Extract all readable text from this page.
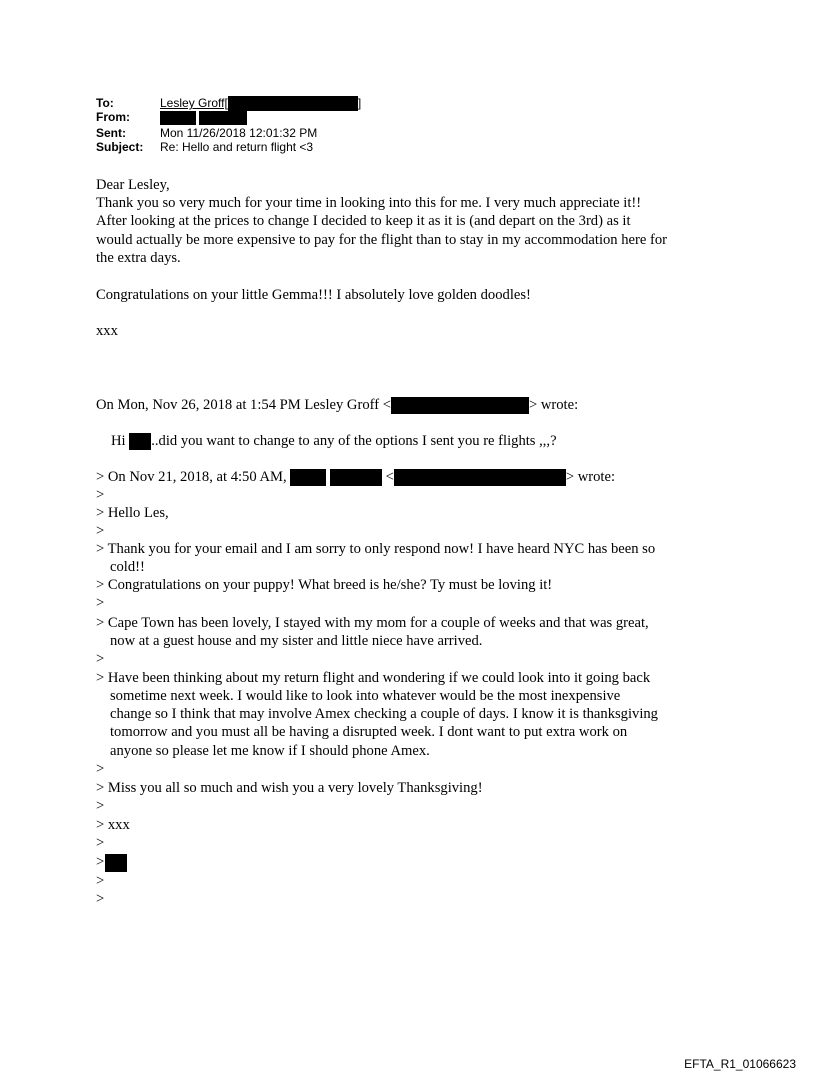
To:	Lesley Groff[	]
From:

Sent:	Mon 11/26/2018 12:01:32 PM
Subject: Re: Hello and return flight <3
Dear Lesley,
Thank you so very much for your time in looking into this for me. I very much appreciate it!!
After looking at the prices to change I decided to keep it as it is (and depart on the 3rd) as it
would actually be more expensive to pay for the flight than to stay in my accommodation here for
the extra days.
Congratulations on your little Gemma!!! I absolutely love golden doodles!
xxx
On Mon, Nov 26, 2018 at 1:54 PM Lesley Groff <	> wrote:
Hi ..did you want to change to any of the options I sent you re flights ,,,?
> On Nov 21, 2018, at 4:50 AM,	<	> wrote:
>
> Hello Les,
>
> Thank you for your email and I am sorry to only respond now! I have heard NYC has been so
cold!!
> Congratulations on your puppy! What breed is he/she? Ty must be loving it!
>
> Cape Town has been lovely, I stayed with my mom for a couple of weeks and that was great,
now at a guest house and my sister and little niece have arrived.
>
> Have been thinking about my return flight and wondering if we could look into it going back
sometime next week. I would like to look into whatever would be the most inexpensive
change so I think that may involve Amex checking a couple of days. I know it is thanksgiving
tomorrow and you must all be having a disrupted week. I dont want to put extra work on
anyone so please let me know if I should phone Amex.
>
> Miss you all so much and wish you a very lovely Thanksgiving!
>
> xxx
>
>
>
>
EFTA_R1_01066623
